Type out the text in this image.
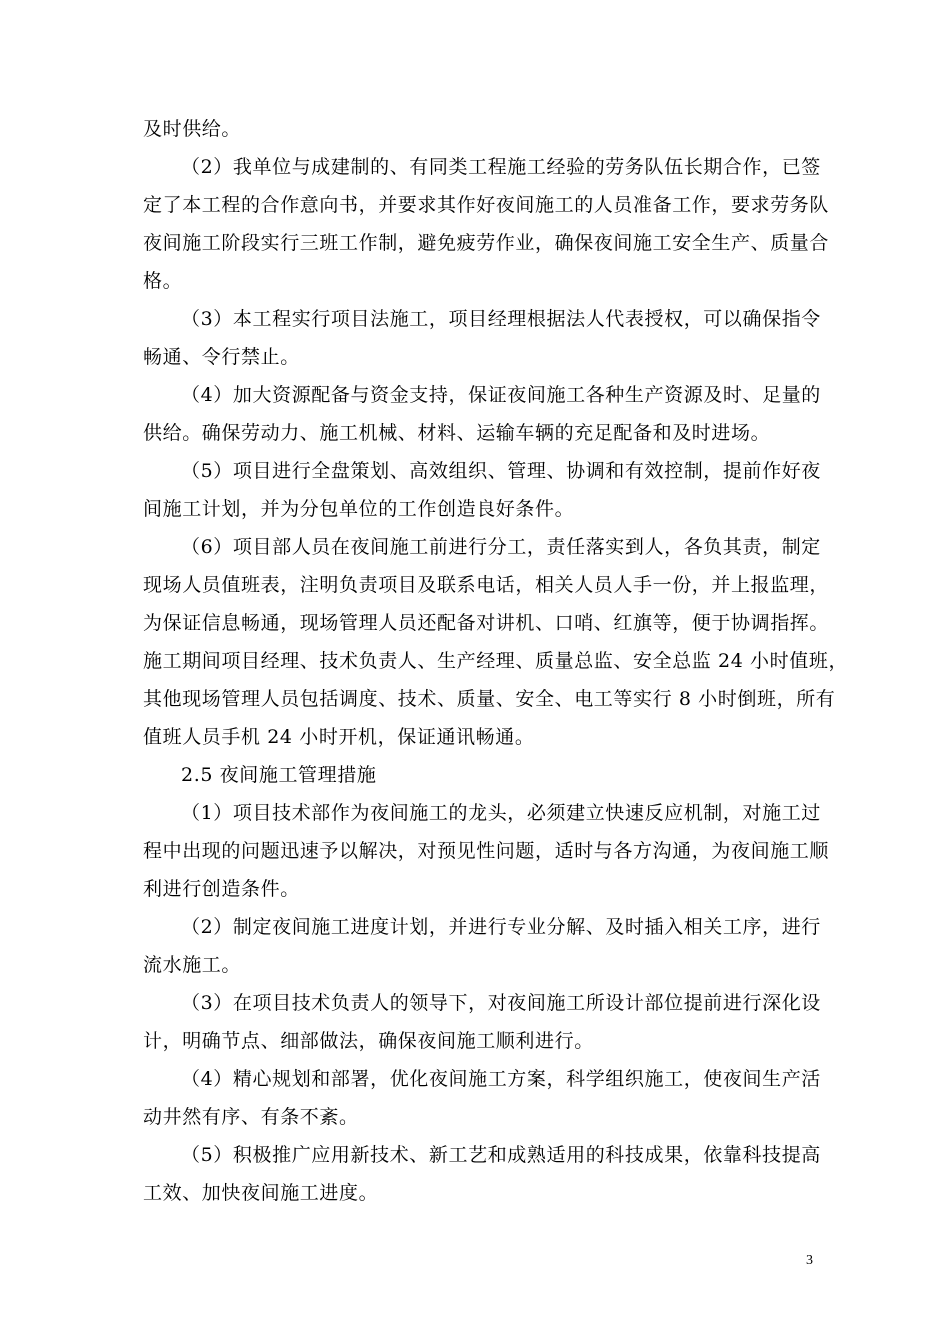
及时供给。
（2）我单位与成建制的、有同类工程施工经验的劳务队伍长期合作，已签
定了本工程的合作意向书，并要求其作好夜间施工的人员准备工作，要求劳务队
夜间施工阶段实行三班工作制，避免疲劳作业，确保夜间施工安全生产、质量合
格。
（3）本工程实行项目法施工，项目经理根据法人代表授权，可以确保指令
畅通、令行禁止。
（4）加大资源配备与资金支持，保证夜间施工各种生产资源及时、足量的
供给。确保劳动力、施工机械、材料、运输车辆的充足配备和及时进场。
（5）项目进行全盘策划、高效组织、管理、协调和有效控制，提前作好夜
间施工计划，并为分包单位的工作创造良好条件。
（6）项目部人员在夜间施工前进行分工，责任落实到人，各负其责，制定
现场人员值班表，注明负责项目及联系电话，相关人员人手一份，并上报监理，
为保证信息畅通，现场管理人员还配备对讲机、口哨、红旗等，便于协调指挥。
施工期间项目经理、技术负责人、生产经理、质量总监、安全总监 24 小时值班，
其他现场管理人员包括调度、技术、质量、安全、电工等实行 8 小时倒班，所有
值班人员手机 24 小时开机，保证通讯畅通。
2.5 夜间施工管理措施
（1）项目技术部作为夜间施工的龙头，必须建立快速反应机制，对施工过
程中出现的问题迅速予以解决，对预见性问题，适时与各方沟通，为夜间施工顺
利进行创造条件。
（2）制定夜间施工进度计划，并进行专业分解、及时插入相关工序，进行
流水施工。
（3）在项目技术负责人的领导下，对夜间施工所设计部位提前进行深化设
计，明确节点、细部做法，确保夜间施工顺利进行。
（4）精心规划和部署，优化夜间施工方案，科学组织施工，使夜间生产活
动井然有序、有条不紊。
（5）积极推广应用新技术、新工艺和成熟适用的科技成果，依靠科技提高
工效、加快夜间施工进度。
3
